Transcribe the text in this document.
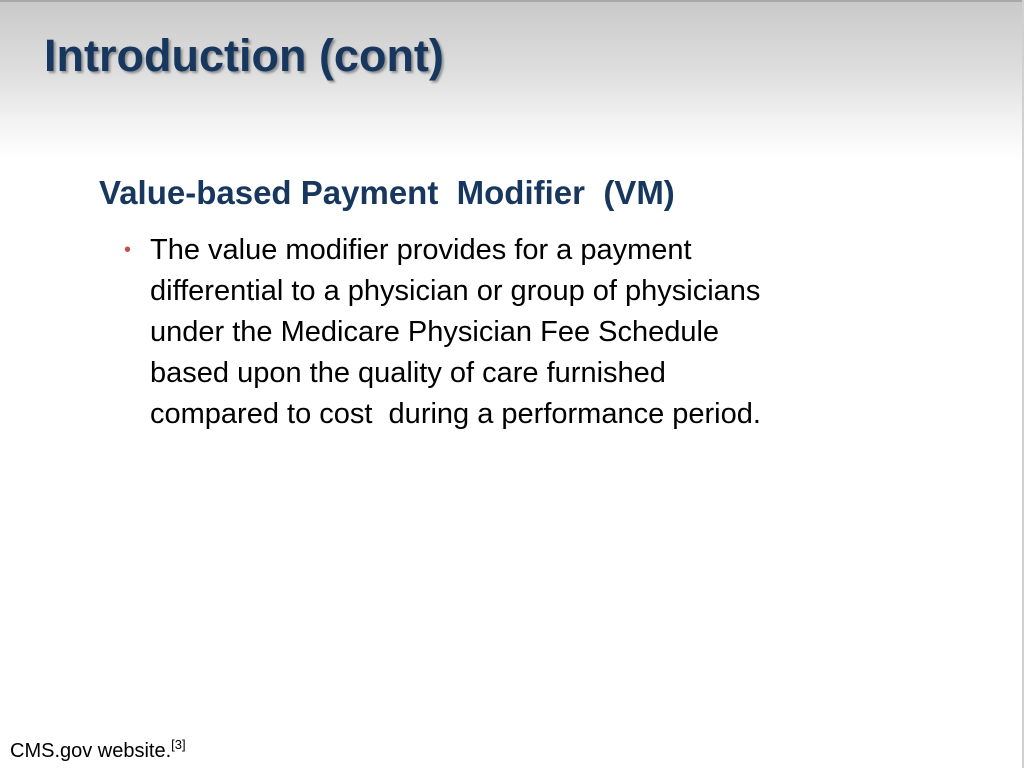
Introduction (cont)
Value-based Payment  Modifier  (VM)
• The value modifier provides for a payment
differential to a physician or group of physicians
under the Medicare Physician Fee Schedule
based upon the quality of care furnished
compared to cost  during a performance period.
CMS.gov website.[3]
